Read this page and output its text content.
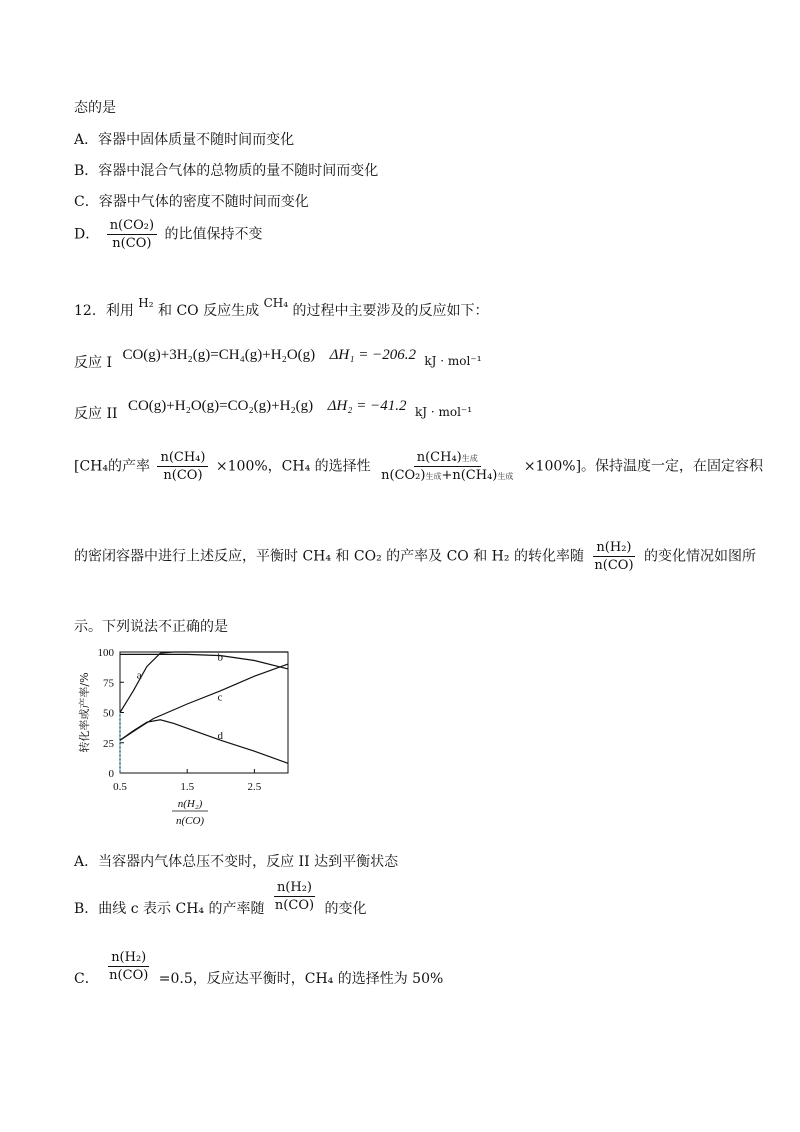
态的是
A．容器中固体质量不随时间而变化
B．容器中混合气体的总物质的量不随时间而变化
C．容器中气体的密度不随时间而变化
D． $\frac{\text{n(CO₂)}}{n(CO)}$ 的比值保持不变
12．利用 H₂ 和 CO 反应生成 CH₄ 的过程中主要涉及的反应如下：
反应 I CO(g)+3H₂(g)=CH₄(g)+H₂O(g) ΔH₁ = −206.2 kJ · mol⁻¹
反应 II CO(g)+H₂O(g)=CO₂(g)+H₂(g) ΔH₂ = −41.2 kJ · mol⁻¹
[CH₄的产率 $\frac{\text{n(CH₄)}}{n(CO)} \times 100\%$，CH₄ 的选择性 $\frac{\text{n(CH₄)生成}}{\text{n(CO₂)生成+n(CH₄)生成}} \times 100\%$]。保持温度一定，在固定容积
的密闭容器中进行上述反应，平衡时 CH₄ 和 CO₂ 的产率及 CO 和 H₂ 的转化率随 $\frac{\text{n(H₂)}}{n(CO)}$ 的变化情况如图所
示。下列说法不正确的是
0
25
50
75
100
0.5	1.5	2.5
a
b
c
d
转化率或产率/%
n(H₂)
n(CO)
A．当容器内气体总压不变时，反应 II 达到平衡状态
B．曲线 c 表示 CH₄ 的产率随 $\frac{\text{n(H₂)}}{n(CO)}$ 的变化
C． $\frac{\text{n(H₂)}}{n(CO)} =0.5$，反应达平衡时，CH₄ 的选择性为 50%
